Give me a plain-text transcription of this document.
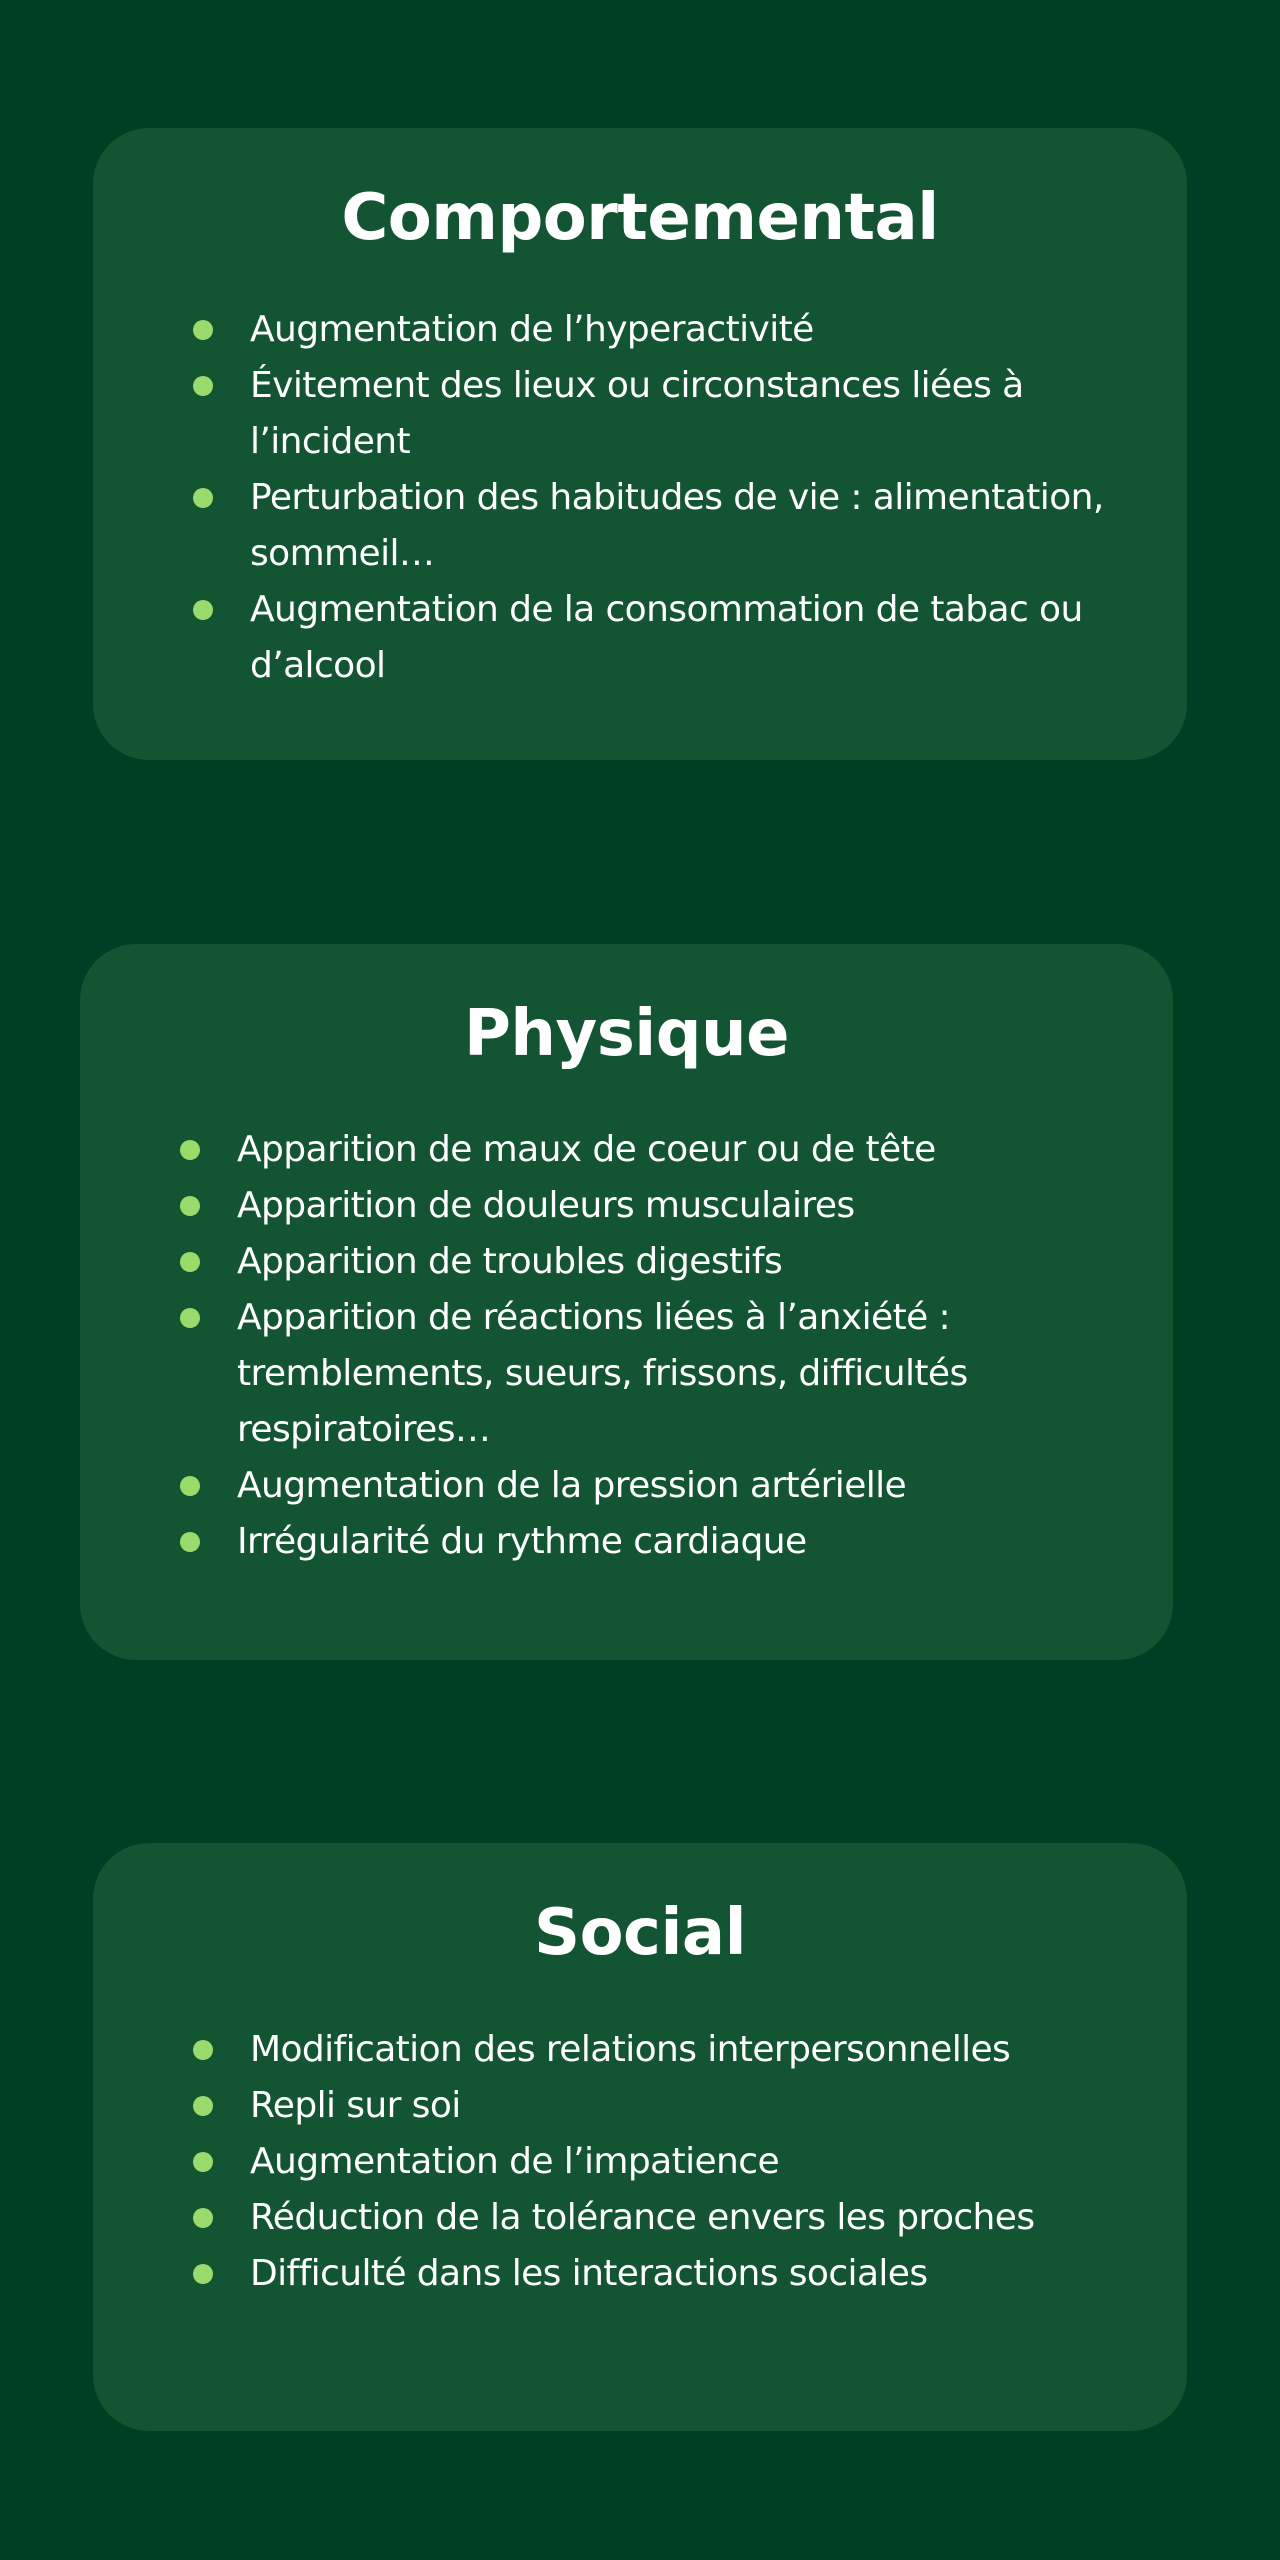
Comportemental
Augmentation de l’hyperactivité
Évitement des lieux ou circonstances liées à l’incident
Perturbation des habitudes de vie : alimentation, sommeil…
Augmentation de la consommation de tabac ou d’alcool
Physique
Apparition de maux de coeur ou de tête
Apparition de douleurs musculaires
Apparition de troubles digestifs
Apparition de réactions liées à l’anxiété : tremblements, sueurs, frissons, difficultés respiratoires…
Augmentation de la pression artérielle
Irrégularité du rythme cardiaque
Social
Modification des relations interpersonnelles
Repli sur soi
Augmentation de l’impatience
Réduction de la tolérance envers les proches
Difficulté dans les interactions sociales
